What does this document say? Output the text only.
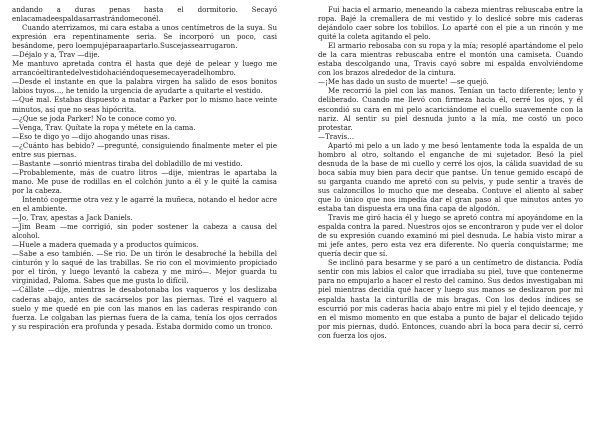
andando a duras penas hasta el dormitorio. Secayó enlacamadeespaldasarrastrándomeconél.

Cuando aterrizamos, mi cara estaba a unos centímetros de la suya. Su expresión era repentinamente seria. Se incorporó un poco, casi besándome, pero loempujéparaapartarlo.Suscejassearrugaron.

—Déjalo y a, Trav —dije.

Me mantuvo apretada contra él hasta que dejé de pelear y luego me arrancóeltirantedelvestidohaciéndoquesemecayeradelhombro.

—Desde el instante en que la palabra virgen ha salido de esos bonitos labios tuyos..., he tenido la urgencia de ayudarte a quitarte el vestido.

—Qué mal. Estabas dispuesto a matar a Parker por lo mismo hace veinte minutos, así que no seas hipócrita.

—¿Que se joda Parker! No te conoce como yo.

—Venga, Trav. Quítate la ropa y métete en la cama.

—Eso te digo yo —dijo ahogando unas risas.

—¿Cuánto has bebido? —pregunté, consiguiendo finalmente meter el pie entre sus piernas.

—Bastante —sonrió mientras tiraba del dobladillo de mi vestido.

—Probablemente, más de cuatro litros —dije, mientras le apartaba la mano. Me puse de rodillas en el colchón junto a él y le quité la camisa por la cabeza.

Intentó cogerme otra vez y le agarré la muñeca, notando el hedor acre en el ambiente.

—Jo, Trav, apestas a Jack Daniels.

—Jim Beam —me corrigió, sin poder sostener la cabeza a causa del alcohol.

—Huele a madera quemada y a productos químicos.

—Sabe a eso también. —Se rio. De un tirón le desabroché la hebilla del cinturón y lo saqué de las trabillas. Se rio con el movimiento propiciado por el tirón, y luego levantó la cabeza y me miró—. Mejor guarda tu virginidad, Paloma. Sabes que me gusta lo difícil.

—Cállate —dije, mientras le desabotonaba los vaqueros y los deslizaba caderas abajo, antes de sacárselos por las piernas. Tiré el vaquero al suelo y me quedé en pie con las manos en las caderas respirando con fuerza. Le colgaban las piernas fuera de la cama, tenía los ojos cerrados y su respiración era profunda y pesada. Estaba dormido como un tronco.

Fui hacia el armario, meneando la cabeza mientras rebuscaba entre la ropa. Bajé la cremallera de mi vestido y lo deslicé sobre mis caderas dejándolo caer sobre los tobillos. Lo aparté con el pie a un rincón y me quité la coleta agitando el pelo.

El armario rebosaba con su ropa y la mía; resoplé apartándome el pelo de la cara mientras rebuscaba entre el montón una camiseta. Cuando estaba descolgando una, Travis cayó sobre mi espalda envolviéndome con los brazos alrededor de la cintura.

—¡Me has dado un susto de muerte! —se quejó.

Me recorrió la piel con las manos. Tenían un tacto diferente; lento y deliberado. Cuando me llevó con firmeza hacia él, cerré los ojos, y él escondió su cara en mi pelo acariciándome el cuello suavemente con la nariz. Al sentir su piel desnuda junto a la mía, me costó un poco protestar.

—Travis…

Apartó mi pelo a un lado y me besó lentamente toda la espalda de un hombro al otro, soltando el enganche de mi sujetador. Besó la piel desnuda de la base de mi cuello y cerré los ojos, la cálida suavidad de su boca sabía muy bien para decir que pantse. Un tenue gemido escapó de su garganta cuando me apretó con su pelvis, y pude sentir a través de sus calzoncillos lo mucho que me deseaba. Contuve el aliento al saber que lo único que nos impedía dar el gran paso al que minutos antes yo estaba tan dispuesta era una fina capa de algodón.

Travis me giró hacia él y luego se apretó contra mí apoyándome en la espalda contra la pared. Nuestros ojos se encontraron y pude ver el dolor de su expresión cuando examinó mi piel desnuda. Le había visto mirar a mi jefe antes, pero esta vez era diferente. No quería conquistarme; me quería decir que sí.

Se inclinó para besarme y se paró a un centímetro de distancia. Podía sentir con mis labios el calor que irradiaba su piel, tuve que contenerme para no empujarlo a hacer el resto del camino. Sus dedos investigaban mi piel mientras decidía qué hacer y luego sus manos se deslizaron por mi espalda hasta la cinturilla de mis bragas. Con los dedos índices se escurrió por mis caderas hacia abajo entre mi piel y el tejido deencaje, y en el mismo momento en que estaba a punto de bajar el delicado tejido por mis piernas, dudó. Entonces, cuando abrí la boca para decir sí, cerró con fuerza los ojos.
